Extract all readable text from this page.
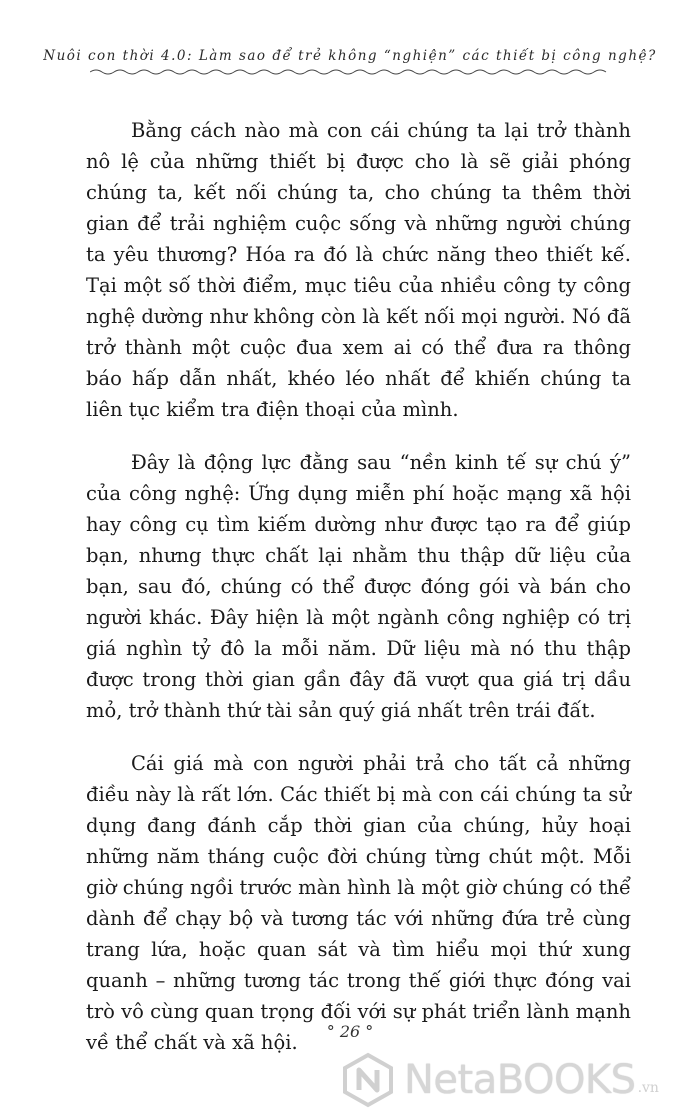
Nuôi con thời 4.0: Làm sao để trẻ không “nghiện” các thiết bị công nghệ?

Bằng cách nào mà con cái chúng ta lại trở thành nô lệ của những thiết bị được cho là sẽ giải phóng chúng ta, kết nối chúng ta, cho chúng ta thêm thời gian để trải nghiệm cuộc sống và những người chúng ta yêu thương? Hóa ra đó là chức năng theo thiết kế. Tại một số thời điểm, mục tiêu của nhiều công ty công nghệ dường như không còn là kết nối mọi người. Nó đã trở thành một cuộc đua xem ai có thể đưa ra thông báo hấp dẫn nhất, khéo léo nhất để khiến chúng ta liên tục kiểm tra điện thoại của mình.

Đây là động lực đằng sau “nền kinh tế sự chú ý” của công nghệ: Ứng dụng miễn phí hoặc mạng xã hội hay công cụ tìm kiếm dường như được tạo ra để giúp bạn, nhưng thực chất lại nhằm thu thập dữ liệu của bạn, sau đó, chúng có thể được đóng gói và bán cho người khác. Đây hiện là một ngành công nghiệp có trị giá nghìn tỷ đô la mỗi năm. Dữ liệu mà nó thu thập được trong thời gian gần đây đã vượt qua giá trị dầu mỏ, trở thành thứ tài sản quý giá nhất trên trái đất.

Cái giá mà con người phải trả cho tất cả những điều này là rất lớn. Các thiết bị mà con cái chúng ta sử dụng đang đánh cắp thời gian của chúng, hủy hoại những năm tháng cuộc đời chúng từng chút một. Mỗi giờ chúng ngồi trước màn hình là một giờ chúng có thể dành để chạy bộ và tương tác với những đứa trẻ cùng trang lứa, hoặc quan sát và tìm hiểu mọi thứ xung quanh – những tương tác trong thế giới thực đóng vai trò vô cùng quan trọng đối với sự phát triển lành mạnh về thể chất và xã hội.	° 26 °
NetaBOOKS .vn
